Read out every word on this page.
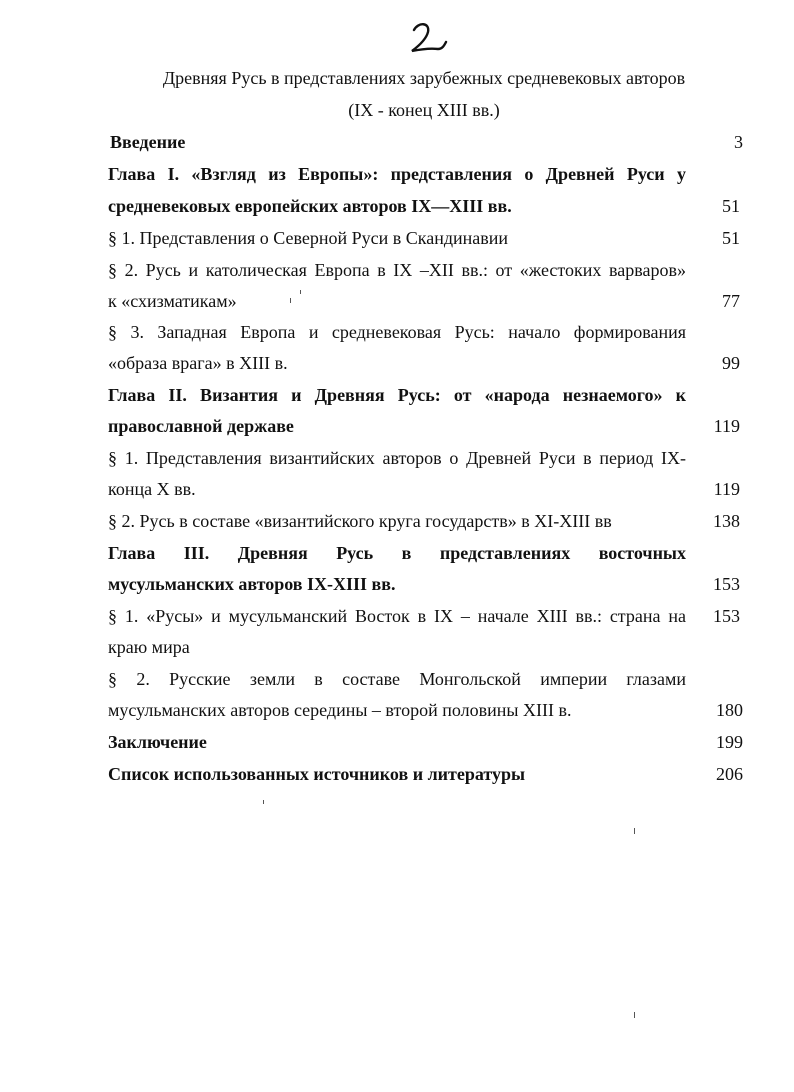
Древняя Русь в представлениях зарубежных средневековых авторов
(IX - конец XIII вв.)
Введение	3
Глава I. «Взгляд из Европы»: представления о Древней Руси у
средневековых европейских авторов IX—XIII вв.	51
§ 1. Представления о Северной Руси в Скандинавии	51
§ 2. Русь и католическая Европа в IX –XII вв.: от «жестоких варваров»
к «схизматикам»	77
§ 3. Западная Европа и средневековая Русь: начало формирования
«образа врага» в XIII в.	99
Глава II. Византия и Древняя Русь: от «народа незнаемого» к
православной державе	119
§ 1. Представления византийских авторов о Древней Руси в период IX-
конца X вв.	119
§ 2. Русь в составе «византийского круга государств» в XI-XIII вв	138
Глава III. Древняя Русь в представлениях восточных
мусульманских авторов IX-XIII вв.	153
§ 1. «Русы» и мусульманский Восток в IX – начале XIII вв.: страна на	153
краю мира
§ 2. Русские земли в составе Монгольской империи глазами
мусульманских авторов середины – второй половины XIII в.	180
Заключение	199
Список использованных источников и литературы	206
